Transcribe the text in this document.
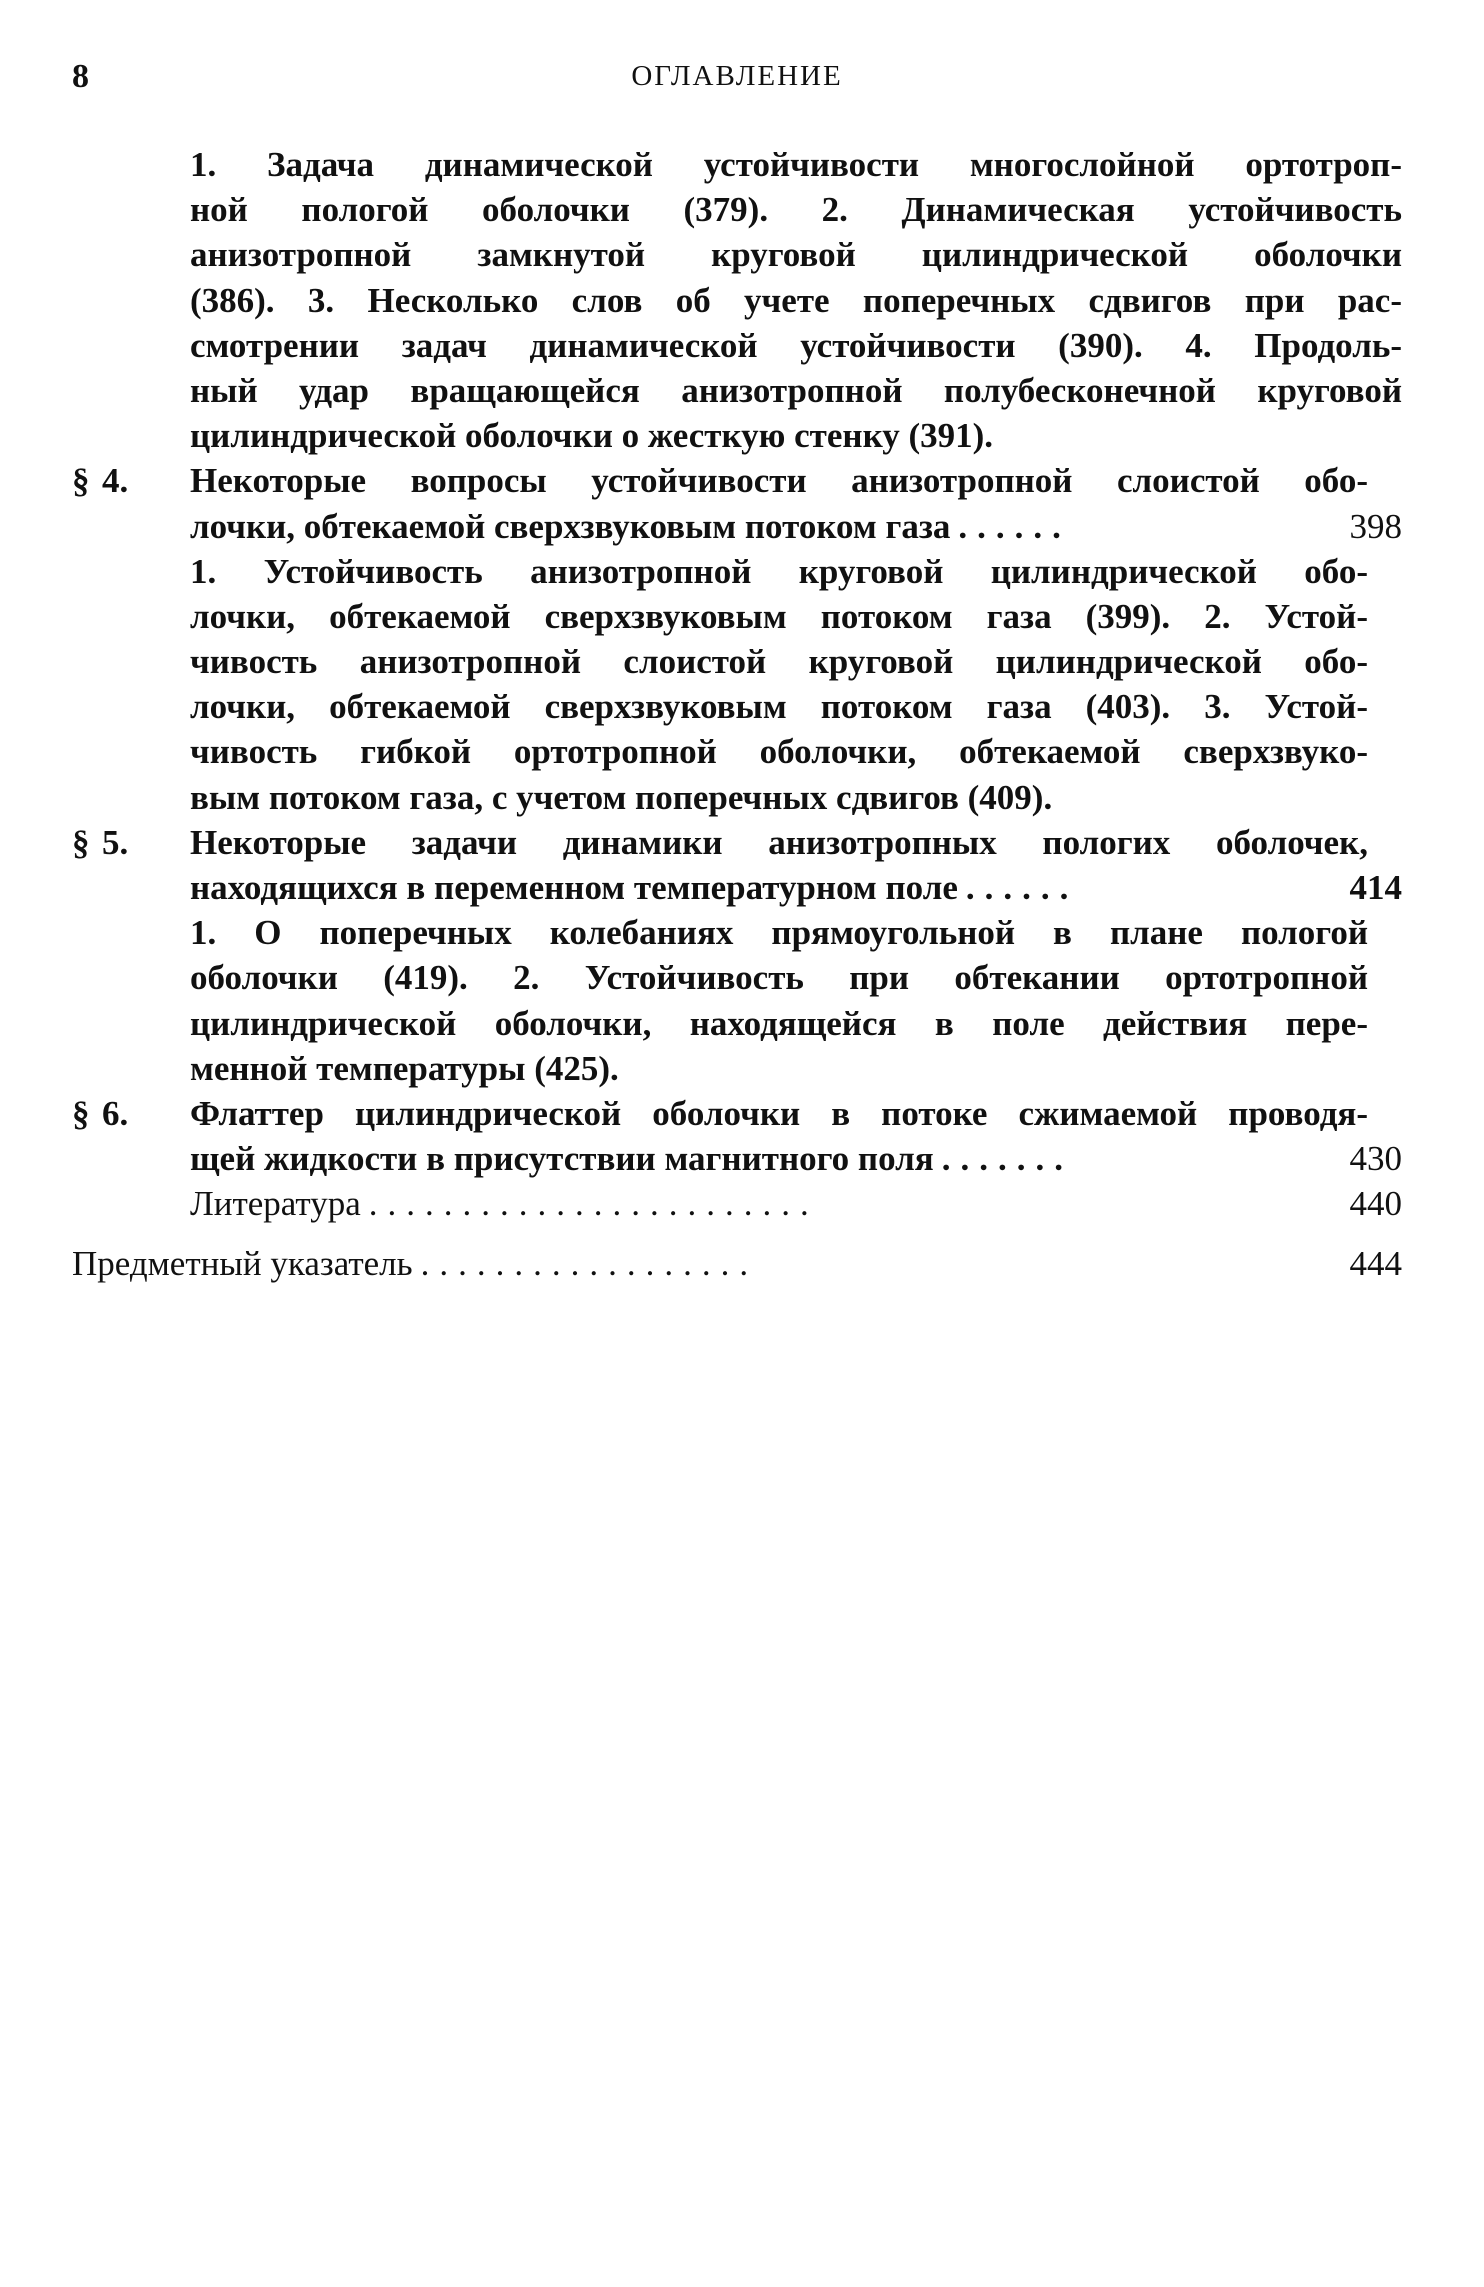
8	ОГЛАВЛЕНИЕ
1. Задача динамической устойчивости многослойной ортотроп-
ной пологой оболочки (379). 2. Динамическая устойчивость
анизотропной замкнутой круговой цилиндрической оболочки
(386). 3. Несколько слов об учете поперечных сдвигов при рас-
смотрении задач динамической устойчивости (390). 4. Продоль-
ный удар вращающейся анизотропной полубесконечной круговой
цилиндрической оболочки о жесткую стенку (391).
§ 4. Некоторые вопросы устойчивости анизотропной слоистой обо-
лочки, обтекаемой сверхзвуковым потоком газа ......	398
1. Устойчивость анизотропной круговой цилиндрической обо-
лочки, обтекаемой сверхзвуковым потоком газа (399). 2. Устой-
чивость анизотропной слоистой круговой цилиндрической обо-
лочки, обтекаемой сверхзвуковым потоком газа (403). 3. Устой-
чивость гибкой ортотропной оболочки, обтекаемой сверхзвуко-
вым потоком газа, с учетом поперечных сдвигов (409).
§ 5. Некоторые задачи динамики анизотропных пологих оболочек,
находящихся в переменном температурном поле ......	414
1. О поперечных колебаниях прямоугольной в плане пологой
оболочки (419). 2. Устойчивость при обтекании ортотропной
цилиндрической оболочки, находящейся в поле действия пере-
менной температуры (425).
§ 6. Флаттер цилиндрической оболочки в потоке сжимаемой проводя-
щей жидкости в присутствии магнитного поля .......	430
Литература ........................	440
Предметный указатель ..................	444
